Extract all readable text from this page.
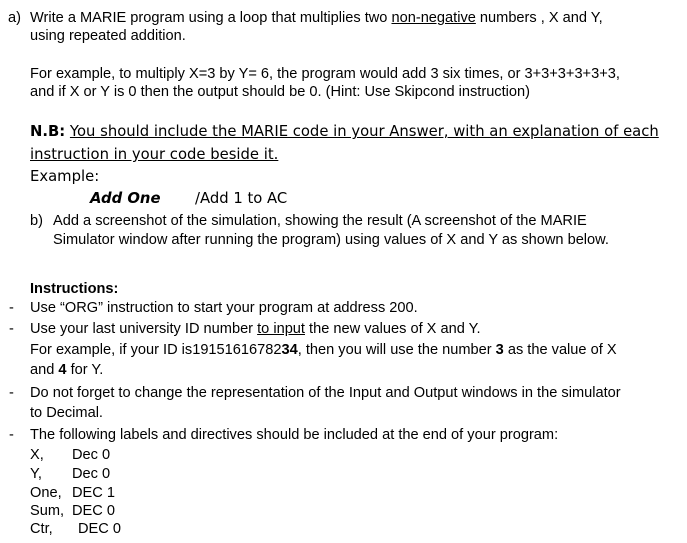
a) Write a MARIE program using a loop that multiplies two non-negative numbers , X and Y,
using repeated addition.
For example, to multiply X=3 by Y= 6, the program would add 3 six times, or 3+3+3+3+3+3,
and if X or Y is 0 then the output should be 0. (Hint: Use Skipcond instruction)
N.B: You should include the MARIE code in your Answer, with an explanation of each
instruction in your code beside it.
Example:
Add One /Add 1 to AC
b) Add a screenshot of the simulation, showing the result (A screenshot of the MARIE
Simulator window after running the program) using values of X and Y as shown below.
Instructions:
- Use “ORG” instruction to start your program at address 200.
- Use your last university ID number to input the new values of X and Y.
For example, if your ID is1915161678234, then you will use the number 3 as the value of X
and 4 for Y.
- Do not forget to change the representation of the Input and Output windows in the simulator
to Decimal.
- The following labels and directives should be included at the end of your program:
X, Dec 0
Y, Dec 0
One, DEC 1
Sum, DEC 0
Ctr, DEC 0
